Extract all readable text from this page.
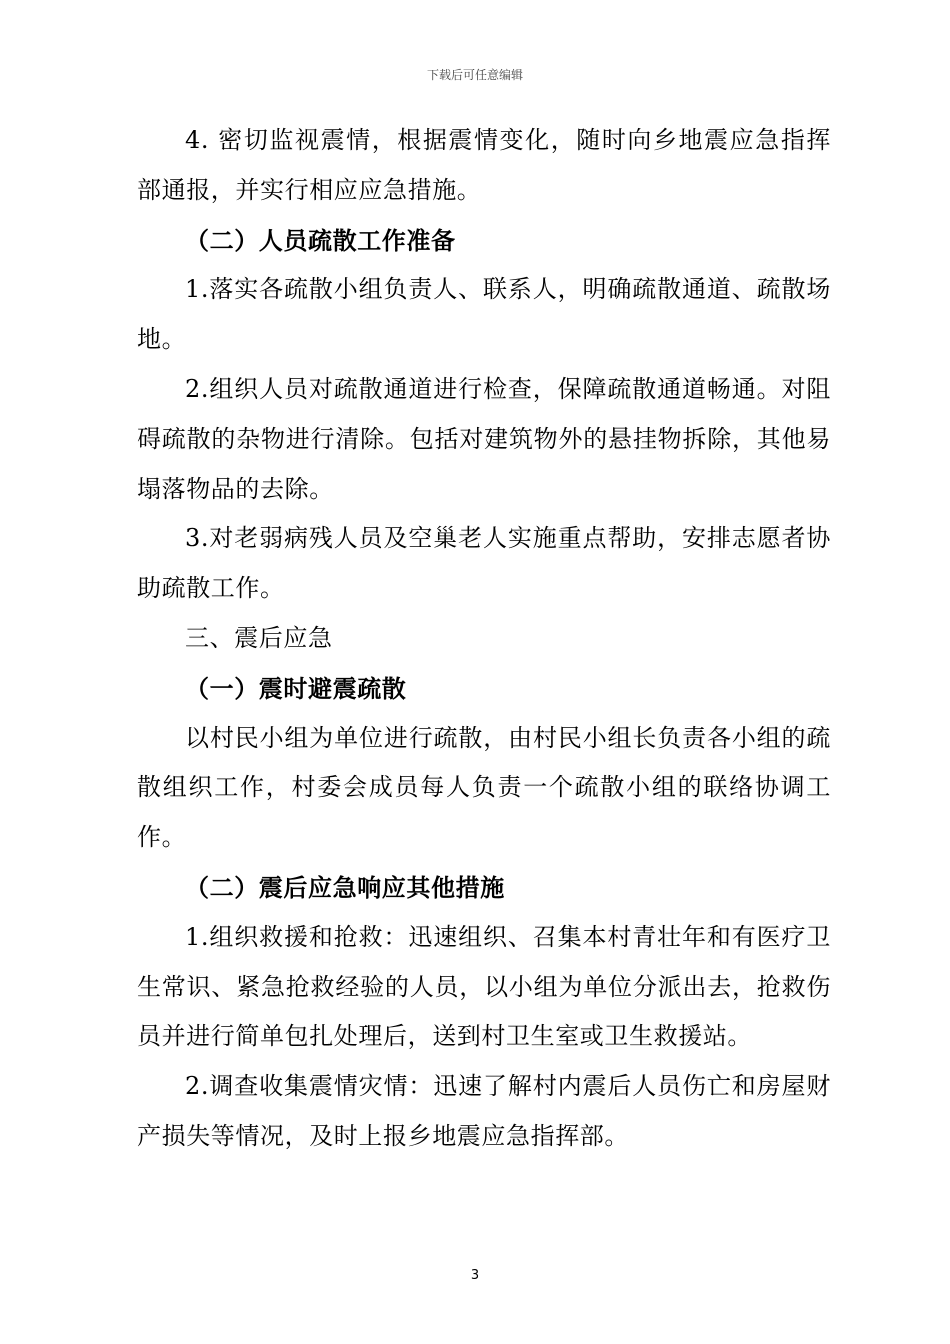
下载后可任意编辑

4. 密切监视震情，根据震情变化，随时向乡地震应急指挥部通报，并实行相应应急措施。

（二）人员疏散工作准备

1.落实各疏散小组负责人、联系人，明确疏散通道、疏散场地。

2.组织人员对疏散通道进行检查，保障疏散通道畅通。对阻碍疏散的杂物进行清除。包括对建筑物外的悬挂物拆除，其他易塌落物品的去除。

3.对老弱病残人员及空巢老人实施重点帮助，安排志愿者协助疏散工作。

三、震后应急

（一）震时避震疏散

以村民小组为单位进行疏散，由村民小组长负责各小组的疏散组织工作，村委会成员每人负责一个疏散小组的联络协调工作。

（二）震后应急响应其他措施

1.组织救援和抢救：迅速组织、召集本村青壮年和有医疗卫生常识、紧急抢救经验的人员，以小组为单位分派出去，抢救伤员并进行简单包扎处理后，送到村卫生室或卫生救援站。

2.调查收集震情灾情：迅速了解村内震后人员伤亡和房屋财产损失等情况，及时上报乡地震应急指挥部。

3
